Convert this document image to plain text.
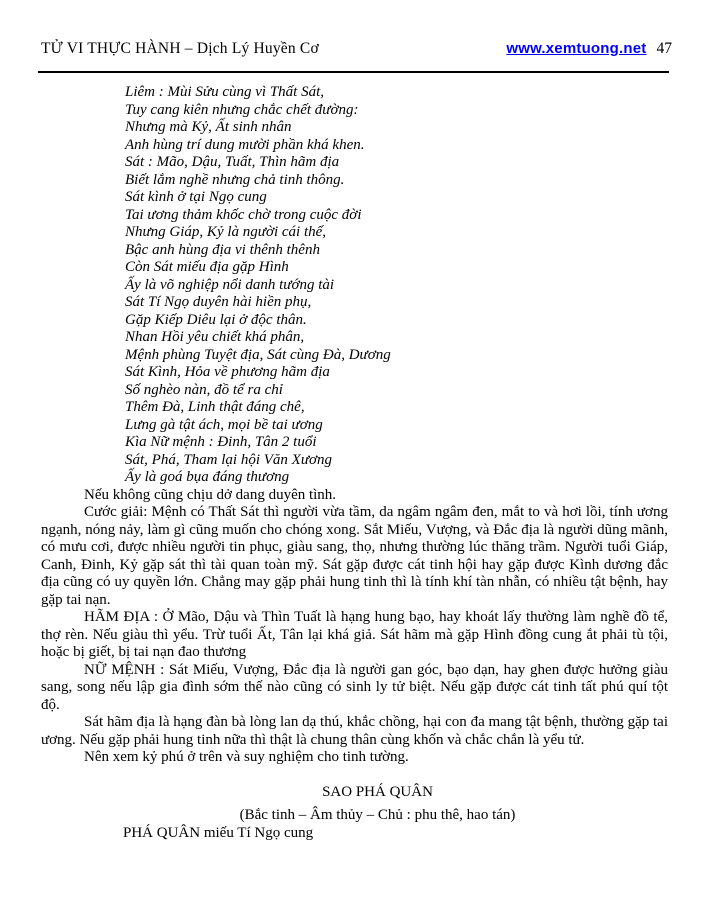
TỬ VI THỰC HÀNH – Dịch Lý Huyền Cơ	www.xemtuong.net 47
Liêm : Mùi Sửu cùng vì Thất Sát,
Tuy cang kiên nhưng chắc chết đường:
Nhưng mà Kỷ, Ất sinh nhân
Anh hùng trí dung mười phần khá khen.
Sát : Mão, Dậu, Tuất, Thìn hãm địa
Biết lắm nghề nhưng chả tinh thông.
Sát kình ở tại Ngọ cung
Tai ương thảm khốc chờ trong cuộc đời
Nhưng Giáp, Kỷ là người cái thế,
Bậc anh hùng địa vi thênh thênh
Còn Sát miếu địa gặp Hình
Ấy là võ nghiệp nổi danh tướng tài
Sát Tí Ngọ duyên hài hiền phụ,
Gặp Kiếp Diêu lại ở độc thân.
Nhan Hồi yêu chiết khá phân,
Mệnh phùng Tuyệt địa, Sát cùng Đà, Dương
Sát Kình, Hỏa về phương hãm địa
Số nghèo nàn, đồ tể ra chỉ
Thêm Đà, Linh thật đáng chê,
Lưng gà tật ách, mọi bề tai ương
Kìa Nữ mệnh : Đinh, Tân 2 tuổi
Sát, Phá, Tham lại hội Văn Xương
Ấy là goá bụa đáng thương

Nếu không cũng chịu dở dang duyên tình.

Cước giải: Mệnh có Thất Sát thì người vừa tầm, da ngâm ngâm đen, mắt to và hơi lồi, tính ương ngạnh, nóng nảy, làm gì cũng muốn cho chóng xong. Sắt Miếu, Vượng, và Đắc địa là người dũng mãnh, có mưu cơi, được nhiều người tin phục, giàu sang, thọ, nhưng thường lúc thăng trầm. Người tuổi Giáp, Canh, Đinh, Kỷ gặp sát thì tài quan toàn mỹ. Sát gặp được cát tinh hội hay gặp được Kình dương đắc địa cũng có uy quyền lớn. Chẳng may gặp phải hung tinh thì là tính khí tàn nhẫn, có nhiều tật bệnh, hay gặp tai nạn.

HÃM ĐỊA : Ở Mão, Dậu và Thìn Tuất là hạng hung bạo, hay khoát lấy thường làm nghề đồ tể, thợ rèn. Nếu giàu thì yểu. Trừ tuổi Ất, Tân lại khá giả. Sát hãm mà gặp Hình đồng cung ắt phải tù tội, hoặc bị giết, bị tai nạn đao thương

NỮ MỆNH : Sát Miếu, Vượng, Đắc địa là người gan góc, bạo dạn, hay ghen được hưởng giàu sang, song nếu lập gia đình sớm thế nào cũng có sinh ly tử biệt. Nếu gặp được cát tinh tất phú quí tột độ.

Sát hãm địa là hạng đàn bà lòng lan dạ thú, khắc chồng, hại con đa mang tật bệnh, thường gặp tai ương. Nếu gặp phải hung tinh nữa thì thật là chung thân cùng khốn và chắc chắn là yểu tử.

Nên xem kỷ phú ở trên và suy nghiệm cho tinh tường.

SAO PHÁ QUÂN
(Bắc tinh – Âm thủy – Chủ : phu thê, hao tán)
PHÁ QUÂN miếu Tí Ngọ cung
